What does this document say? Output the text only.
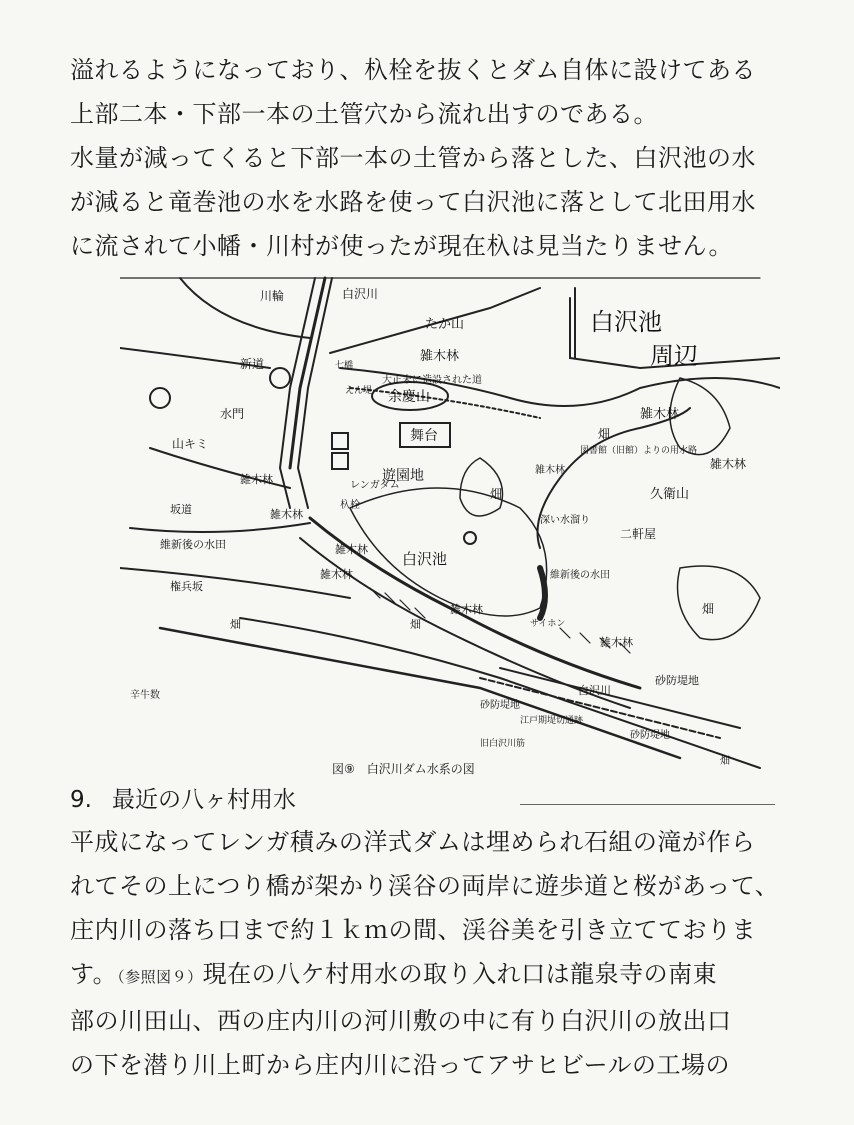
溢れるようになっており、杁栓を抜くとダム自体に設けてある
上部二本・下部一本の土管穴から流れ出すのである。

水量が減ってくると下部一本の土管から落とした、白沢池の水
が減ると竜巻池の水を水路を使って白沢池に落として北田用水
に流されて小幡・川村が使ったが現在杁は見当たりません。

白沢池
周辺
白沢川
川輪
新道
水門
山キミ
たか山
雑木林
大正末に造設された道
余慶山
舞台
遊園地
白沢池
雑木林
畑
畑	久衛山
二軒屋
雑木林
畑
図書館（旧館）よりの用水路
深い水溜り
維新後の水田
雑木林
坂道
維新後の水田
権兵坂
畑	畑
雑木林
雑木林
レンガダム
杁栓
雑木林
サイホン
雑木林
砂防堤地
白沢川
砂防堤地
砂防堤地
江戸期堤切通跡
旧白沢川筋
畑
辛牛数
七橋
えん堤
雑木林
雑木林
図⑨　白沢川ダム水系の図
9. 最近の八ヶ村用水

平成になってレンガ積みの洋式ダムは埋められ石組の滝が作ら
れてその上につり橋が架かり渓谷の両岸に遊歩道と桜があって、
庄内川の落ち口まで約１ｋｍの間、渓谷美を引き立てておりま
す。（参照図９）現在の八ケ村用水の取り入れ口は龍泉寺の南東
部の川田山、西の庄内川の河川敷の中に有り白沢川の放出口
の下を潜り川上町から庄内川に沿ってアサヒビールの工場の
